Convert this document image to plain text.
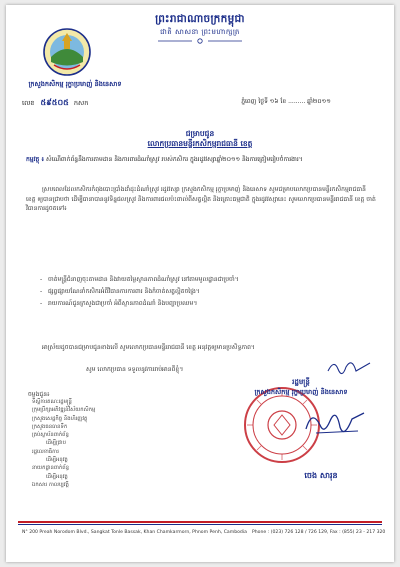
ព្រះរាជាណាចក្រកម្ពុជា
ជាតិ សាសនា ព្រះមហាក្សត្រ
ក្រសួងកសិកម្ម រុក្ខាប្រមាញ់ និងនេសាទ
លេខ ៥៩៥០៥ កសក	ភ្នំពេញ ថ្ងៃទី ១៦ ខែ ......... ឆ្នាំ២០១១
ជម្រាបជូន
លោកប្រធានមន្ទីរកសិកម្មរាជធានី ខេត្ត
កម្មវត្ថុ ៖ សំណើពាក់ព័ន្ធនឹងការតាមដាន និងការពារដំណាំស្រូវ របស់កសិករ ក្នុងរដូវវស្សាឆ្នាំ២០១១ និងការត្រៀមរៀបចំការងារ។
ស្របពេលដែលកសិករកំពុងបោះប្រាំងដាំដុះដំណាំស្រូវ រដូវវស្សា ក្រសួងកសិកម្ម រុក្ខាប្រមាញ់ និងនេសាទ សូមជម្រាបលោកប្រធានមន្ទីរកសិកម្មរាជធានី ខេត្ត ឲ្យបានជ្រាបថា ដើម្បីធានាបាននូវទិន្នផលស្រូវ និងការពារផលប៉ះពាល់ពីសត្វល្អិត និងគ្រោះធម្មជាតិ ក្នុងរដូវវស្សានេះ សូមលោកប្រធានមន្ទីររាជធានី ខេត្ត ចាត់វិធានការដូចតទៅ៖
- ចាត់មន្ត្រីជំនាញចុះតាមដាន និងវាយតម្លៃស្ថានភាពដំណាំស្រូវ នៅតាមមូលដ្ឋានជាប្រចាំ។
- ផ្សព្វផ្សាយណែនាំកសិករអំពីវិធានការការពារ និងកំចាត់សត្វល្អិតចង្រៃ។
- រាយការណ៍ជូនក្រសួងជាប្រចាំ អំពីស្ថានភាពដំណាំ និងបញ្ហាប្រឈម។
អាស្រ័យដូចបានជម្រាបជូនខាងលើ សូមលោកប្រធានមន្ទីររាជធានី ខេត្ត អនុវត្តឲ្យមានប្រសិទ្ធភាព។
សូម លោកប្រធាន ទទួលនូវការរាប់អានពីខ្ញុំ។
ចម្លងជូន៖
ទីស្តីការគណៈរដ្ឋមន្ត្រី
ក្រុមប្រឹក្សាអភិវឌ្ឍន៍វិស័យកសិកម្ម
ក្រសួងសេដ្ឋកិច្ច និងហិរញ្ញវត្ថុ
ក្រសួងធនធានទឹក
គ្រប់ស្ថាប័នពាក់ព័ន្ធ
ដើម្បីជ្រាប
រដ្ឋលេខាធិការ
ដើម្បីអនុវត្ត
នាយកដ្ឋានពាក់ព័ន្ធ
ដើម្បីអនុវត្ត
ឯកសារ កាលប្បវត្តិ
រដ្ឋមន្ត្រី
ក្រសួងកសិកម្ម រុក្ខាប្រមាញ់ និងនេសាទ
ចេង សារុន
N° 200 Preah Norodom Blvd., Sangkat Tonle Bassak, Khan Chamkarmorn, Phnom Penh, Cambodia Phone : (023) 726 128 / 726 129, Fax : (855) 23 - 217 320
